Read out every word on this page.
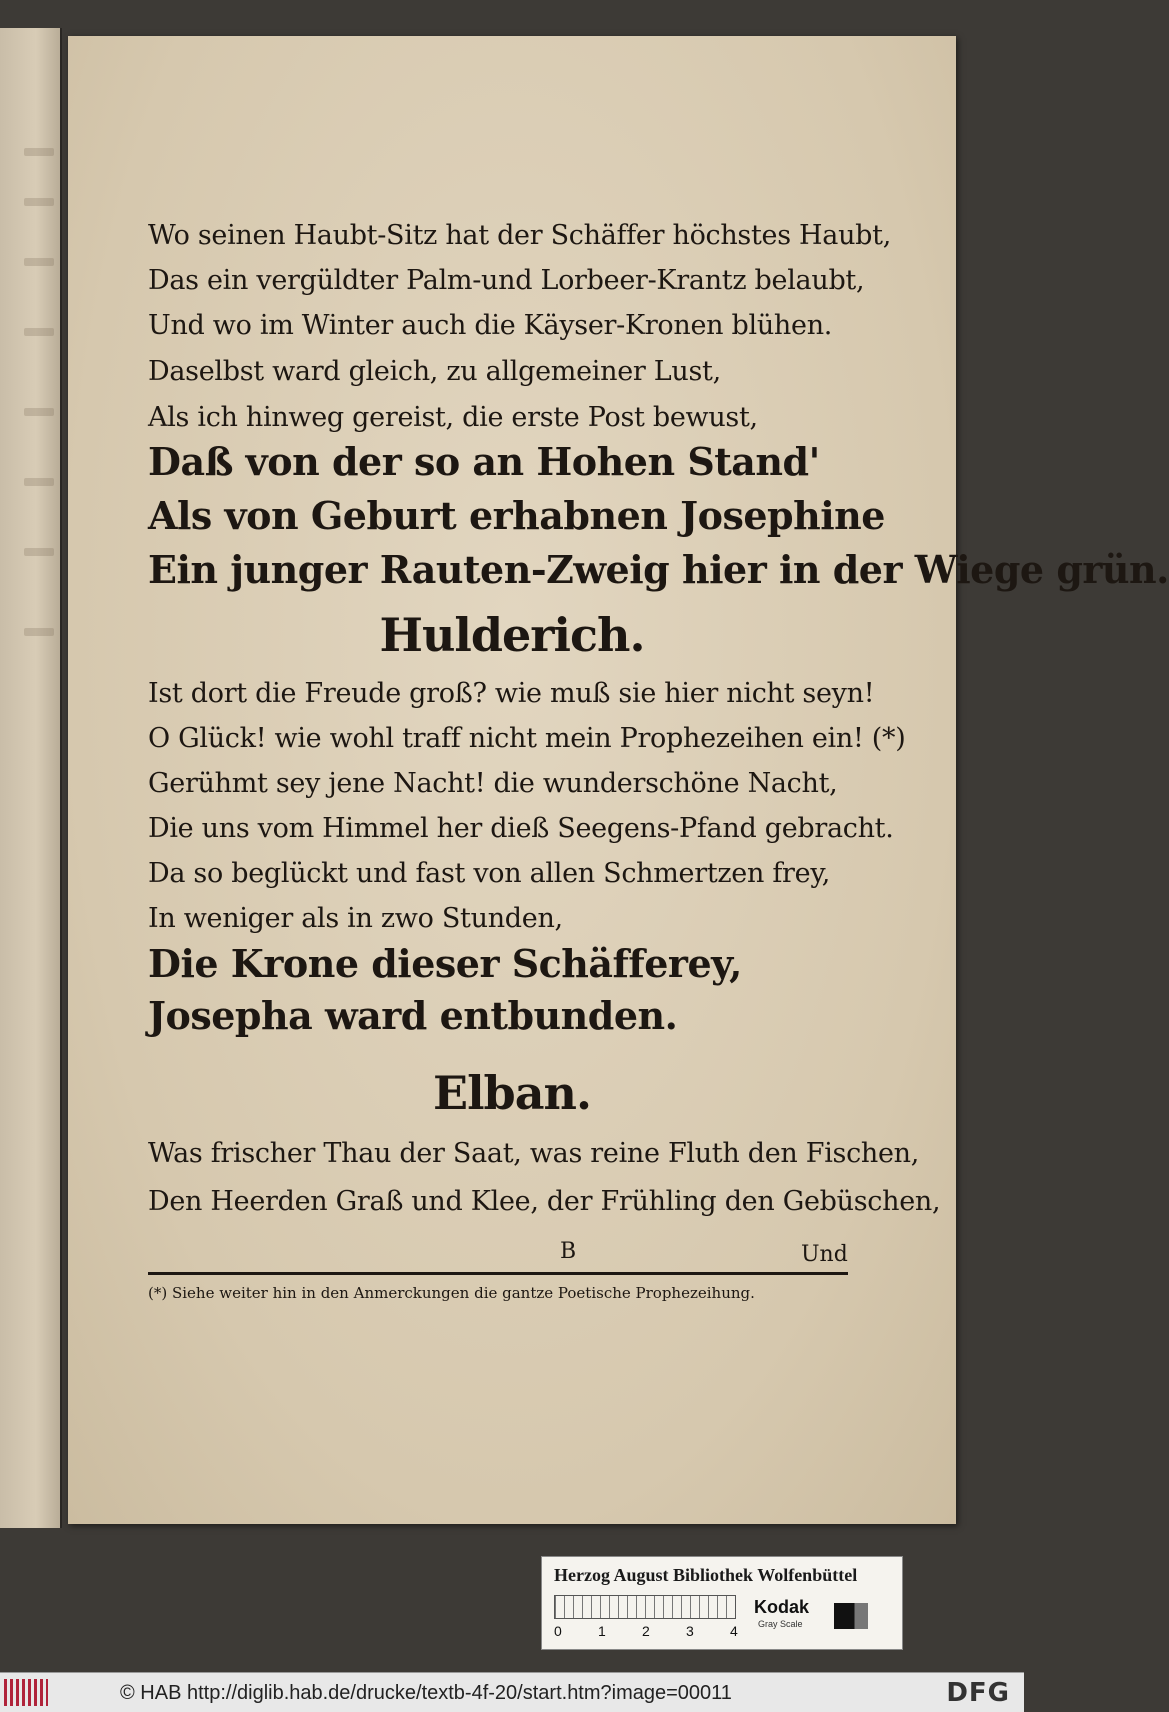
Wo seinen Haubt-Sitz hat der Schäffer höchstes Haubt,
Das ein vergüldter Palm-und Lorbeer-Krantz belaubt,
Und wo im Winter auch die Käyser-Kronen blühen.
Daselbst ward gleich, zu allgemeiner Lust,
Als ich hinweg gereist, die erste Post bewust,
Daß von der so an Hohen Stand'
Als von Geburt erhabnen Josephine
Ein junger Rauten-Zweig hier in der Wiege grün.
Hulderich.
Ist dort die Freude groß? wie muß sie hier nicht seyn!
O Glück! wie wohl traff nicht mein Prophezeihen ein! (*)
Gerühmt sey jene Nacht! die wunderschöne Nacht,
Die uns vom Himmel her dieß Seegens-Pfand gebracht.
Da so beglückt und fast von allen Schmertzen frey,
In weniger als in zwo Stunden,
Die Krone dieser Schäfferey,
Josepha ward entbunden.
Elban.
Was frischer Thau der Saat, was reine Fluth den Fischen,
Den Heerden Graß und Klee, der Frühling den Gebüschen,
B	Und
(*) Siehe weiter hin in den Anmerckungen die gantze Poetische Prophezeihung.
Herzog August Bibliothek Wolfenbüttel
0	1	2	3	4
Kodak
Gray Scale
© HAB http://diglib.hab.de/drucke/textb-4f-20/start.htm?image=00011	DFG
